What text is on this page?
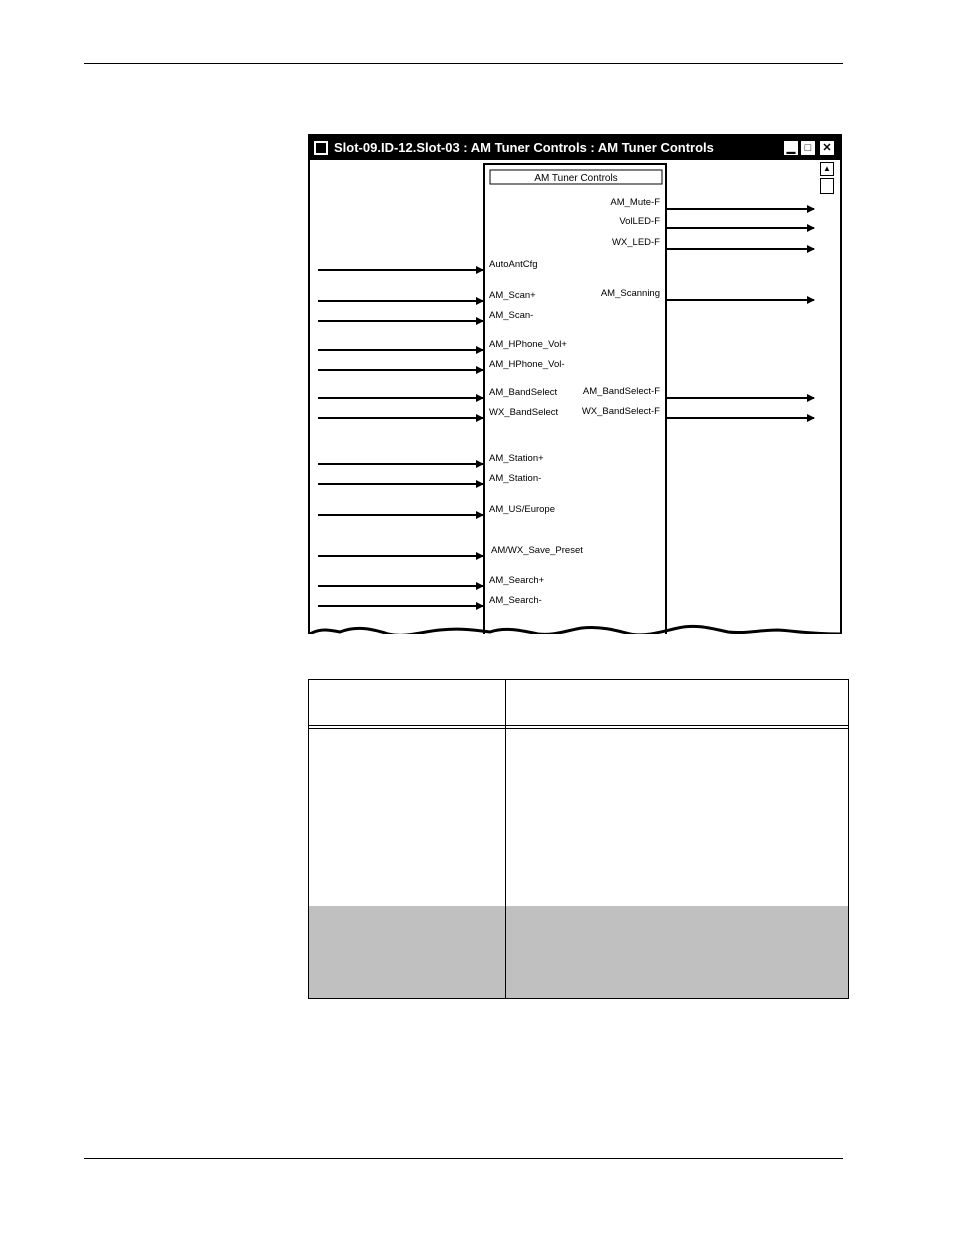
Slot-09.ID-12.Slot-03 : AM Tuner Controls : AM Tuner Controls	▁ □	✕
▲
AM Tuner Controls
AutoAntCfg
AM_Scan+
AM_Scan-
AM_HPhone_Vol+
AM_HPhone_Vol-
AM_BandSelect
WX_BandSelect
AM_Station+
AM_Station-
AM_US/Europe
AM/WX_Save_Preset
AM_Search+
AM_Search-
AM_Mute-F
VolLED-F
WX_LED-F
AM_Scanning
AM_BandSelect-F
WX_BandSelect-F
